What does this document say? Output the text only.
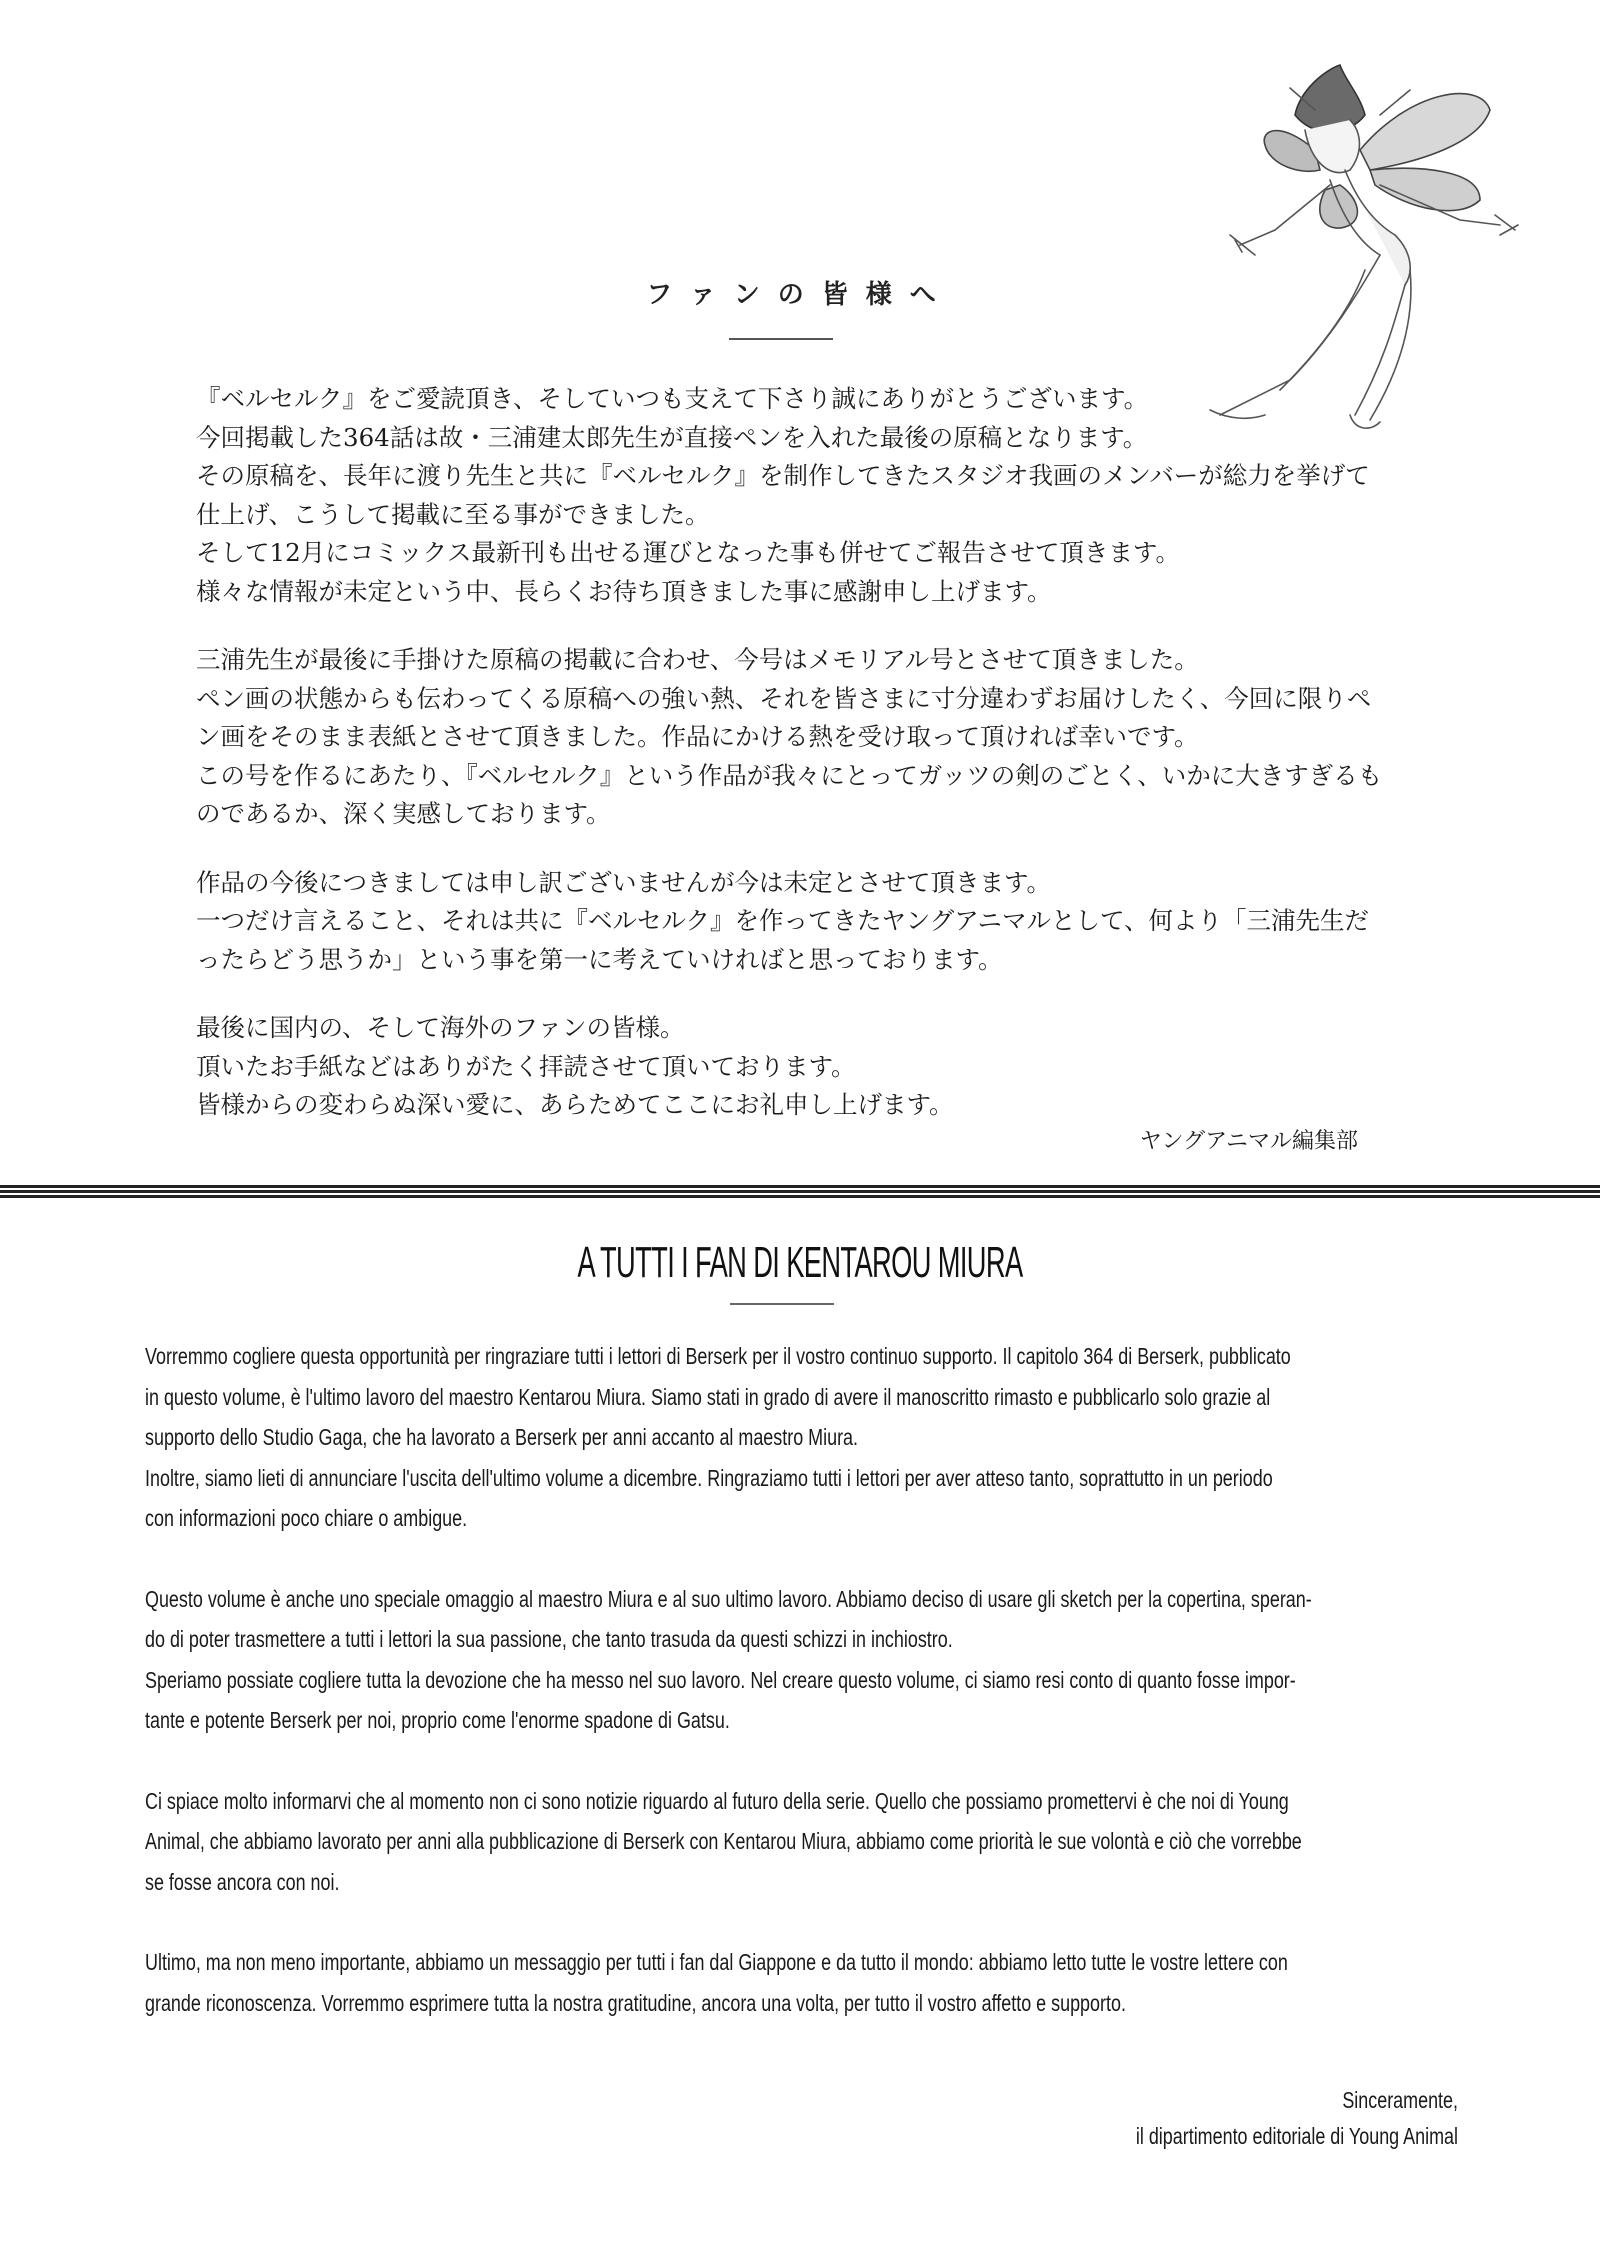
ファンの皆様へ

『ベルセルク』をご愛読頂き、そしていつも支えて下さり誠にありがとうございます。
今回掲載した364話は故・三浦建太郎先生が直接ペンを入れた最後の原稿となります。
その原稿を、長年に渡り先生と共に『ベルセルク』を制作してきたスタジオ我画のメンバーが総力を挙げて
仕上げ、こうして掲載に至る事ができました。
そして12月にコミックス最新刊も出せる運びとなった事も併せてご報告させて頂きます。
様々な情報が未定という中、長らくお待ち頂きました事に感謝申し上げます。

三浦先生が最後に手掛けた原稿の掲載に合わせ、今号はメモリアル号とさせて頂きました。
ペン画の状態からも伝わってくる原稿への強い熱、それを皆さまに寸分違わずお届けしたく、今回に限りペ
ン画をそのまま表紙とさせて頂きました。作品にかける熱を受け取って頂ければ幸いです。
この号を作るにあたり、『ベルセルク』という作品が我々にとってガッツの剣のごとく、いかに大きすぎるも
のであるか、深く実感しております。

作品の今後につきましては申し訳ございませんが今は未定とさせて頂きます。
一つだけ言えること、それは共に『ベルセルク』を作ってきたヤングアニマルとして、何より「三浦先生だ
ったらどう思うか」という事を第一に考えていければと思っております。

最後に国内の、そして海外のファンの皆様。
頂いたお手紙などはありがたく拝読させて頂いております。
皆様からの変わらぬ深い愛に、あらためてここにお礼申し上げます。

ヤングアニマル編集部
A TUTTI I FAN DI KENTAROU MIURA

Vorremmo cogliere questa opportunità per ringraziare tutti i lettori di Berserk per il vostro continuo supporto. Il capitolo 364 di Berserk, pubblicato
in questo volume, è l'ultimo lavoro del maestro Kentarou Miura. Siamo stati in grado di avere il manoscritto rimasto e pubblicarlo solo grazie al
supporto dello Studio Gaga, che ha lavorato a Berserk per anni accanto al maestro Miura.
Inoltre, siamo lieti di annunciare l'uscita dell'ultimo volume a dicembre. Ringraziamo tutti i lettori per aver atteso tanto, soprattutto in un periodo
con informazioni poco chiare o ambigue.

Questo volume è anche uno speciale omaggio al maestro Miura e al suo ultimo lavoro. Abbiamo deciso di usare gli sketch per la copertina, speran-
do di poter trasmettere a tutti i lettori la sua passione, che tanto trasuda da questi schizzi in inchiostro.
Speriamo possiate cogliere tutta la devozione che ha messo nel suo lavoro. Nel creare questo volume, ci siamo resi conto di quanto fosse impor-
tante e potente Berserk per noi, proprio come l'enorme spadone di Gatsu.

Ci spiace molto informarvi che al momento non ci sono notizie riguardo al futuro della serie. Quello che possiamo promettervi è che noi di Young
Animal, che abbiamo lavorato per anni alla pubblicazione di Berserk con Kentarou Miura, abbiamo come priorità le sue volontà e ciò che vorrebbe
se fosse ancora con noi.

Ultimo, ma non meno importante, abbiamo un messaggio per tutti i fan dal Giappone e da tutto il mondo: abbiamo letto tutte le vostre lettere con
grande riconoscenza. Vorremmo esprimere tutta la nostra gratitudine, ancora una volta, per tutto il vostro affetto e supporto.

Sinceramente,
il dipartimento editoriale di Young Animal
